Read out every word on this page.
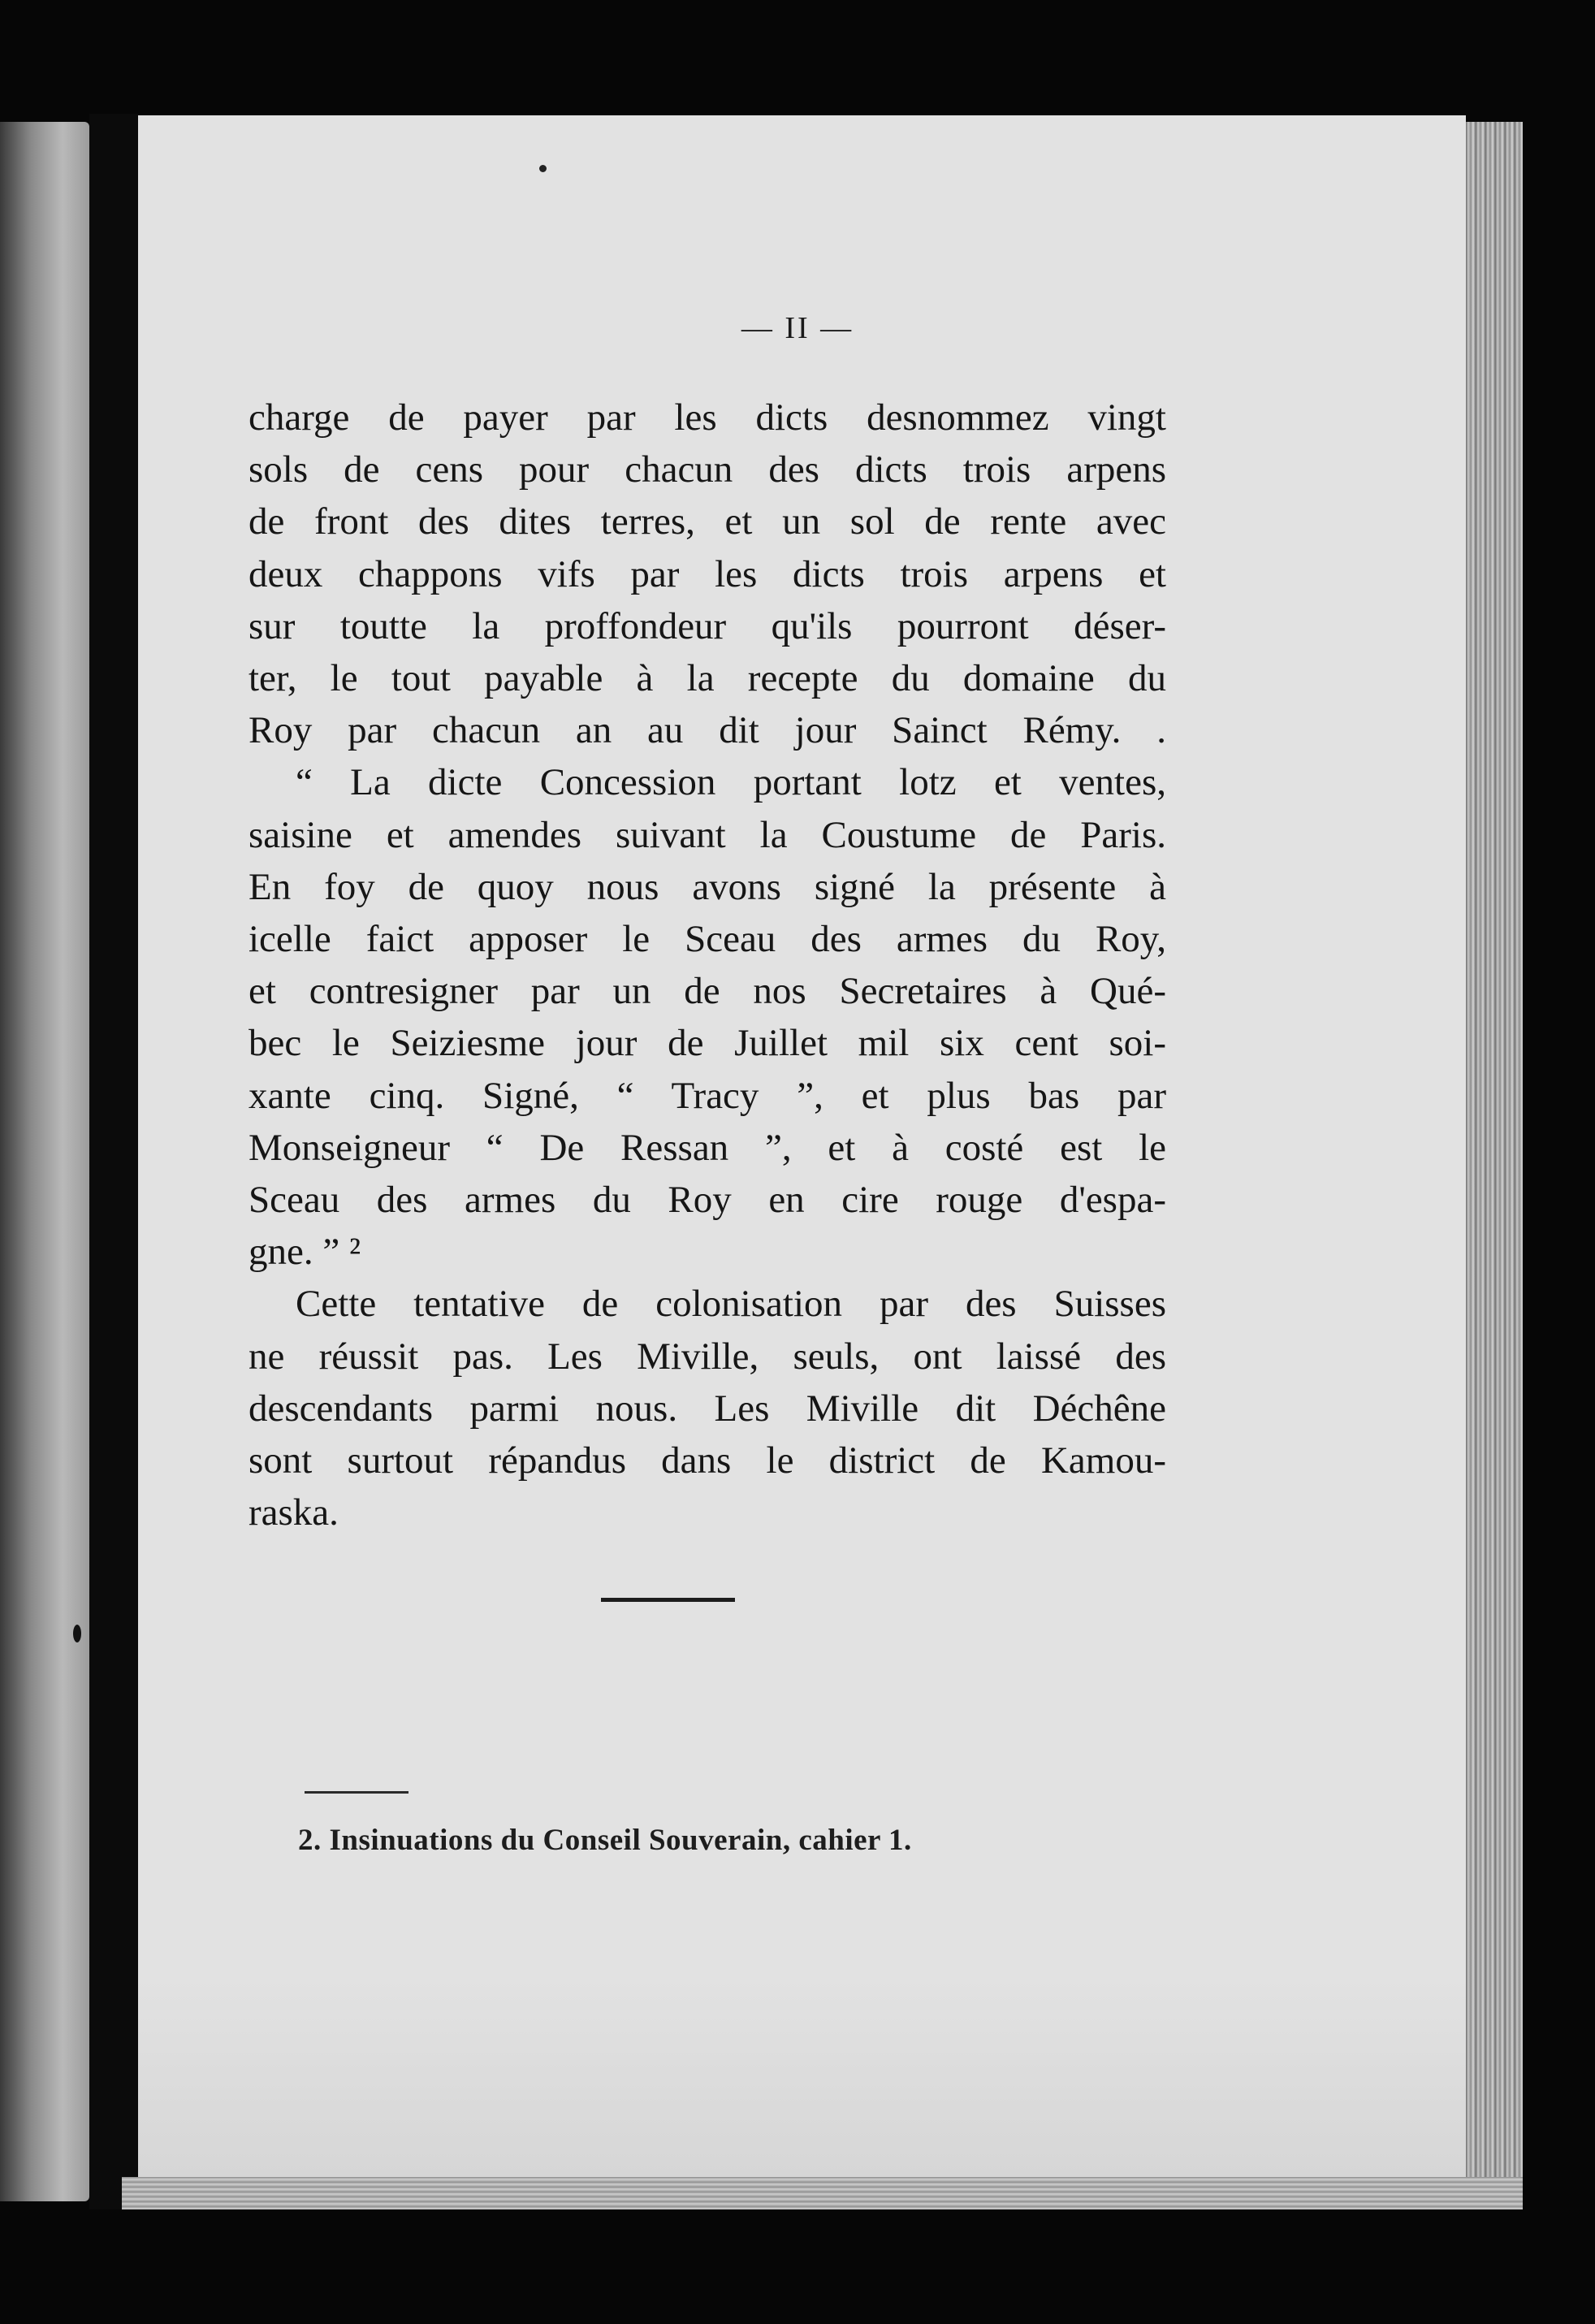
— II —
charge de payer par les dicts desnommez vingt
sols de cens pour chacun des dicts trois arpens
de front des dites terres, et un sol de rente avec
deux chappons vifs par les dicts trois arpens et
sur toutte la proffondeur qu'ils pourront déser-
ter, le tout payable à la recepte du domaine du
Roy par chacun an au dit jour Sainct Rémy. .
“ La dicte Concession portant lotz et ventes,
saisine et amendes suivant la Coustume de Paris.
En foy de quoy nous avons signé la présente à
icelle faict apposer le Sceau des armes du Roy,
et contresigner par un de nos Secretaires à Qué-
bec le Seiziesme jour de Juillet mil six cent soi-
xante cinq. Signé, “ Tracy ”, et plus bas par
Monseigneur “ De Ressan ”, et à costé est le
Sceau des armes du Roy en cire rouge d'espa-
gne. ” ²
Cette tentative de colonisation par des Suisses
ne réussit pas. Les Miville, seuls, ont laissé des
descendants parmi nous. Les Miville dit Déchêne
sont surtout répandus dans le district de Kamou-
raska.
2. Insinuations du Conseil Souverain, cahier 1.
